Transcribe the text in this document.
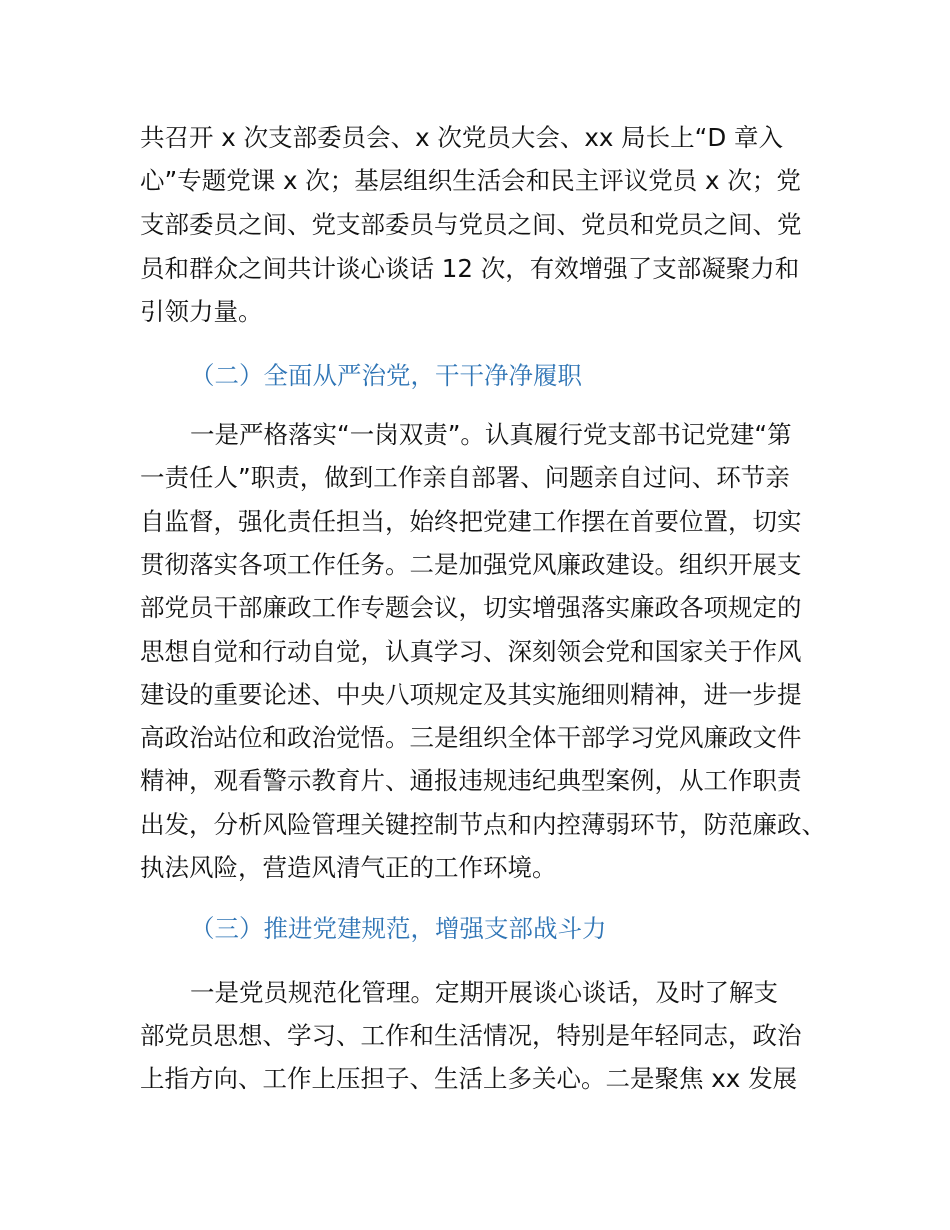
共召开 x 次支部委员会、x 次党员大会、xx 局长上“D 章入

心”专题党课 x 次；基层组织生活会和民主评议党员 x 次；党

支部委员之间、党支部委员与党员之间、党员和党员之间、党

员和群众之间共计谈心谈话 12 次，有效增强了支部凝聚力和

引领力量。

（二）全面从严治党，干干净净履职

一是严格落实“一岗双责”。认真履行党支部书记党建“第

一责任人”职责，做到工作亲自部署、问题亲自过问、环节亲

自监督，强化责任担当，始终把党建工作摆在首要位置，切实

贯彻落实各项工作任务。二是加强党风廉政建设。组织开展支

部党员干部廉政工作专题会议，切实增强落实廉政各项规定的

思想自觉和行动自觉，认真学习、深刻领会党和国家关于作风

建设的重要论述、中央八项规定及其实施细则精神，进一步提

高政治站位和政治觉悟。三是组织全体干部学习党风廉政文件

精神，观看警示教育片、通报违规违纪典型案例，从工作职责

出发，分析风险管理关键控制节点和内控薄弱环节，防范廉政、

执法风险，营造风清气正的工作环境。

（三）推进党建规范，增强支部战斗力

一是党员规范化管理。定期开展谈心谈话，及时了解支

部党员思想、学习、工作和生活情况，特别是年轻同志，政治

上指方向、工作上压担子、生活上多关心。二是聚焦 xx 发展
